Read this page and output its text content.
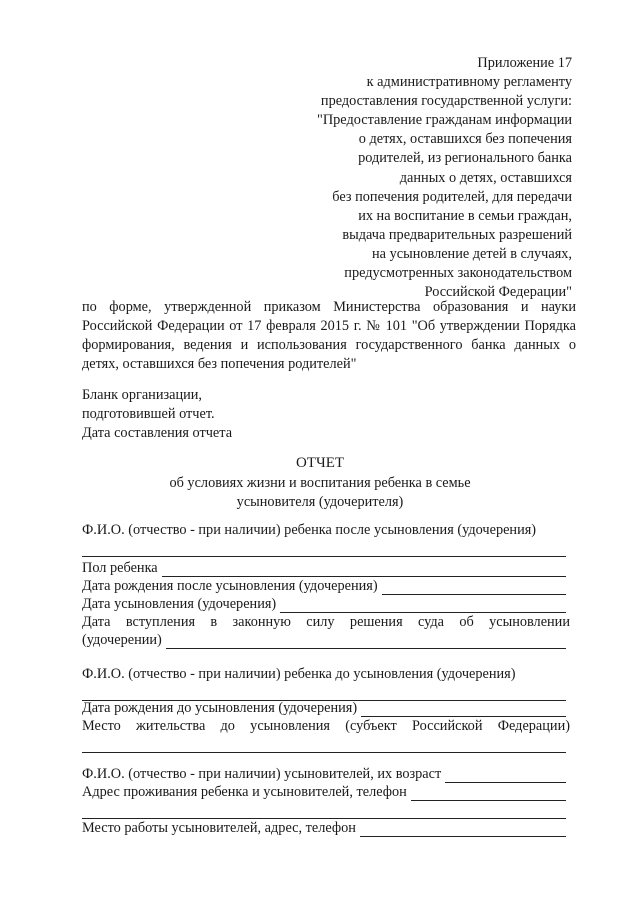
Приложение 17
к административному регламенту
предоставления государственной услуги:
"Предоставление гражданам информации
о детях, оставшихся без попечения
родителей, из регионального банка
данных о детях, оставшихся
без попечения родителей, для передачи
их на воспитание в семьи граждан,
выдача предварительных разрешений
на усыновление детей в случаях,
предусмотренных законодательством
Российской Федерации"
по форме, утвержденной приказом Министерства образования и науки Российской Федерации от 17 февраля 2015 г. № 101 "Об утверждении Порядка формирования, ведения и использования государственного банка данных о детях, оставшихся без попечения родителей"
Бланк организации,
подготовившей отчет.
Дата составления отчета
ОТЧЕТ
об условиях жизни и воспитания ребенка в семье
усыновителя (удочерителя)
Ф.И.О. (отчество - при наличии) ребенка после усыновления (удочерения)
Пол ребенка
Дата рождения после усыновления (удочерения)
Дата усыновления (удочерения)
Дата вступления в законную силу решения суда об усыновлении
(удочерении)
Ф.И.О. (отчество - при наличии) ребенка до усыновления (удочерения)
Дата рождения до усыновления (удочерения)
Место жительства до усыновления (субъект Российской Федерации)
Ф.И.О. (отчество - при наличии) усыновителей, их возраст
Адрес проживания ребенка и усыновителей, телефон
Место работы усыновителей, адрес, телефон
